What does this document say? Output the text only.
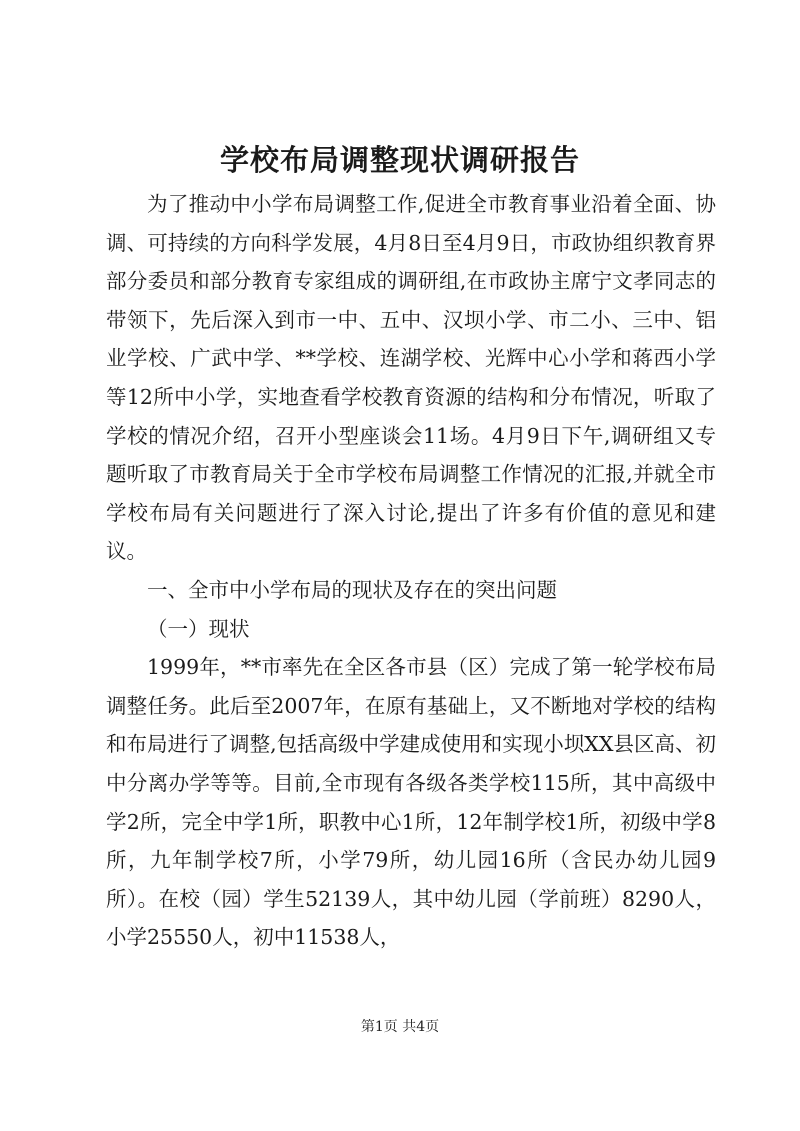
学校布局调整现状调研报告

为了推动中小学布局调整工作,促进全市教育事业沿着全面、协调、可持续的方向科学发展，4月8日至4月9日，市政协组织教育界部分委员和部分教育专家组成的调研组,在市政协主席宁文孝同志的带领下，先后深入到市一中、五中、汉坝小学、市二小、三中、铝业学校、广武中学、**学校、连湖学校、光辉中心小学和蒋西小学等12所中小学，实地查看学校教育资源的结构和分布情况，听取了学校的情况介绍，召开小型座谈会11场。4月9日下午,调研组又专题听取了市教育局关于全市学校布局调整工作情况的汇报,并就全市学校布局有关问题进行了深入讨论,提出了许多有价值的意见和建议。

一、全市中小学布局的现状及存在的突出问题

（一）现状

1999年，**市率先在全区各市县（区）完成了第一轮学校布局调整任务。此后至2007年，在原有基础上，又不断地对学校的结构和布局进行了调整,包括高级中学建成使用和实现小坝XX县区高、初中分离办学等等。目前,全市现有各级各类学校115所，其中高级中学2所，完全中学1所，职教中心1所，12年制学校1所，初级中学8所，九年制学校7所，小学79所，幼儿园16所（含民办幼儿园9所）。在校（园）学生52139人，其中幼儿园（学前班）8290人，小学25550人，初中11538人，

第1页 共4页
